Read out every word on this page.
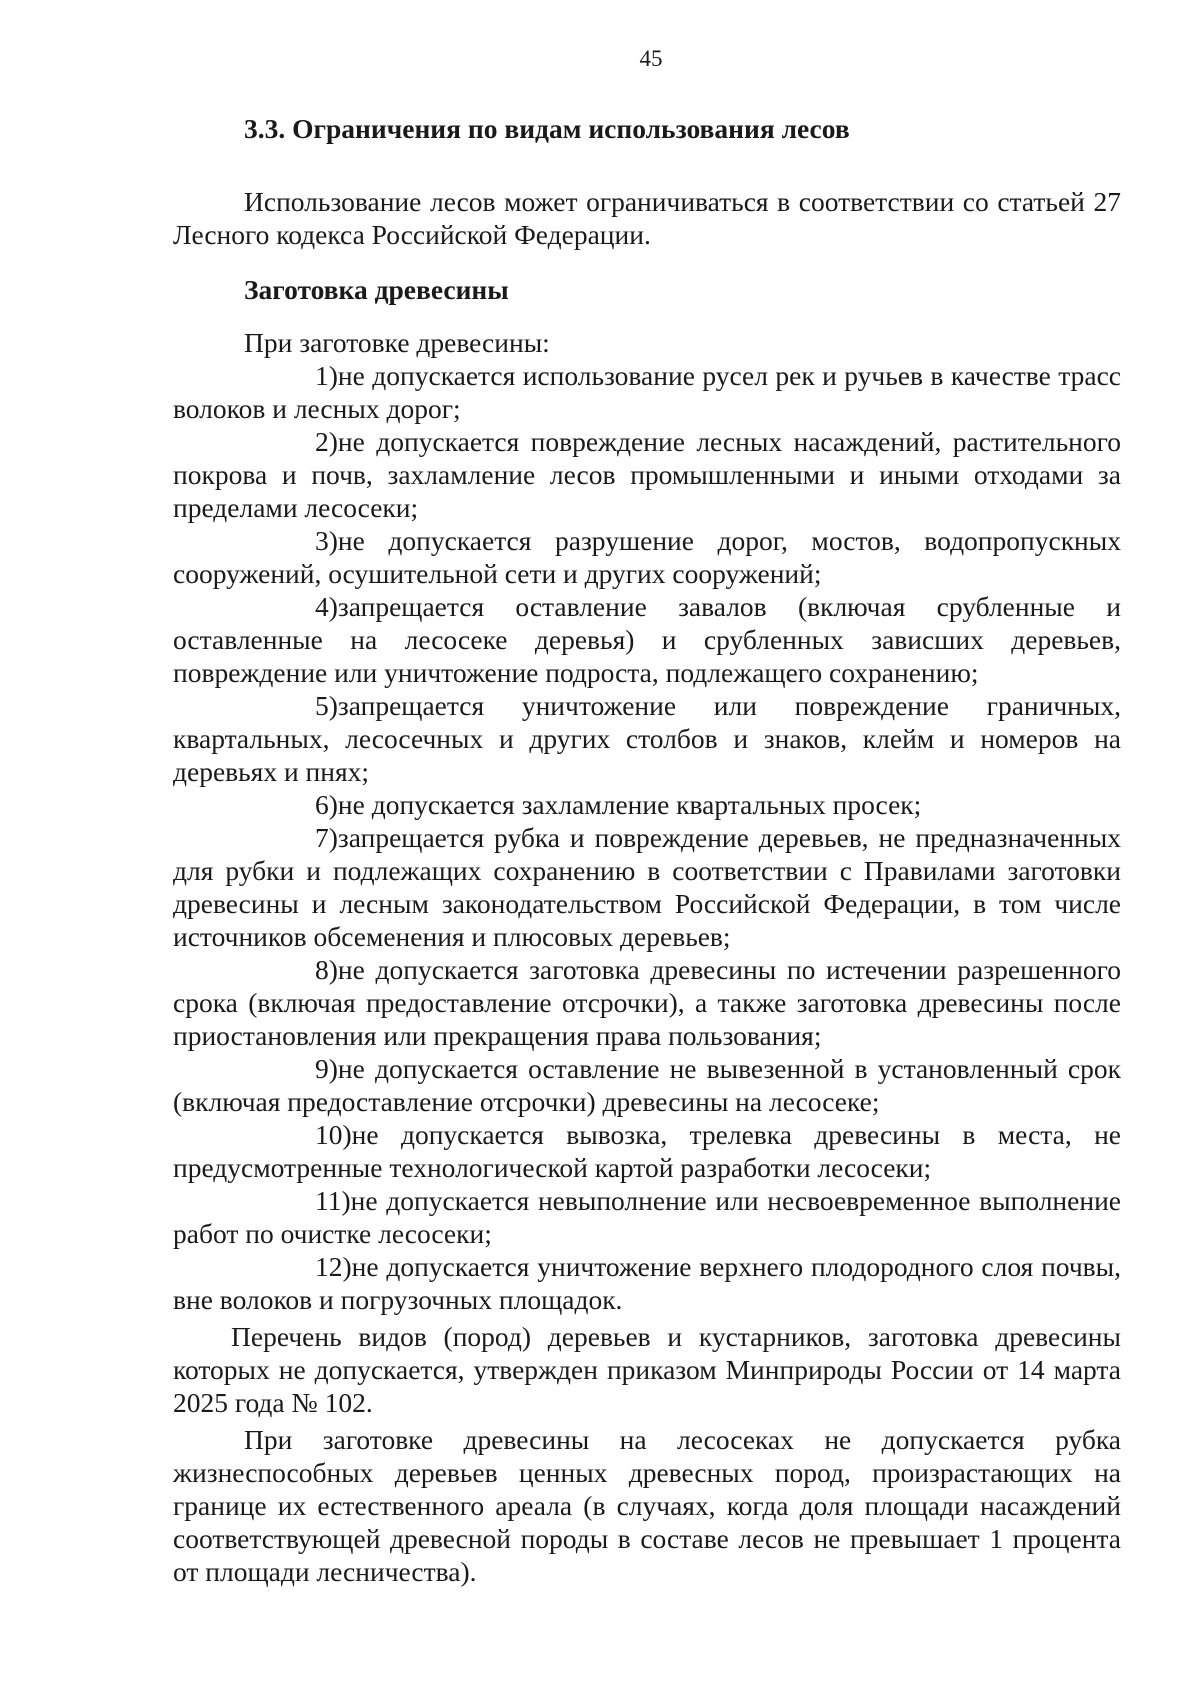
45
3.3. Ограничения по видам использования лесов

Использование лесов может ограничиваться в соответствии со статьей 27 Лесного кодекса Российской Федерации.

Заготовка древесины

При заготовке древесины:

1)не допускается использование русел рек и ручьев в качестве трасс волоков и лесных дорог;

2)не допускается повреждение лесных насаждений, растительного покрова и почв, захламление лесов промышленными и иными отходами за пределами лесосеки;

3)не допускается разрушение дорог, мостов, водопропускных сооружений, осушительной сети и других сооружений;

4)запрещается оставление завалов (включая срубленные и оставленные на лесосеке деревья) и срубленных зависших деревьев, повреждение или уничтожение подроста, подлежащего сохранению;

5)запрещается уничтожение или повреждение граничных, квартальных, лесосечных и других столбов и знаков, клейм и номеров на деревьях и пнях;

6)не допускается захламление квартальных просек;

7)запрещается рубка и повреждение деревьев, не предназначенных для рубки и подлежащих сохранению в соответствии с Правилами заготовки древесины и лесным законодательством Российской Федерации, в том числе источников обсеменения и плюсовых деревьев;

8)не допускается заготовка древесины по истечении разрешенного срока (включая предоставление отсрочки), а также заготовка древесины после приостановления или прекращения права пользования;

9)не допускается оставление не вывезенной в установленный срок (включая предоставление отсрочки) древесины на лесосеке;

10)не допускается вывозка, трелевка древесины в места, не предусмотренные технологической картой разработки лесосеки;

11)не допускается невыполнение или несвоевременное выполнение работ по очистке лесосеки;

12)не допускается уничтожение верхнего плодородного слоя почвы, вне волоков и погрузочных площадок.

Перечень видов (пород) деревьев и кустарников, заготовка древесины которых не допускается, утвержден приказом Минприроды России от 14 марта 2025 года № 102.

При заготовке древесины на лесосеках не допускается рубка жизнеспособных деревьев ценных древесных пород, произрастающих на границе их естественного ареала (в случаях, когда доля площади насаждений соответствующей древесной породы в составе лесов не превышает 1 процента от площади лесничества).
